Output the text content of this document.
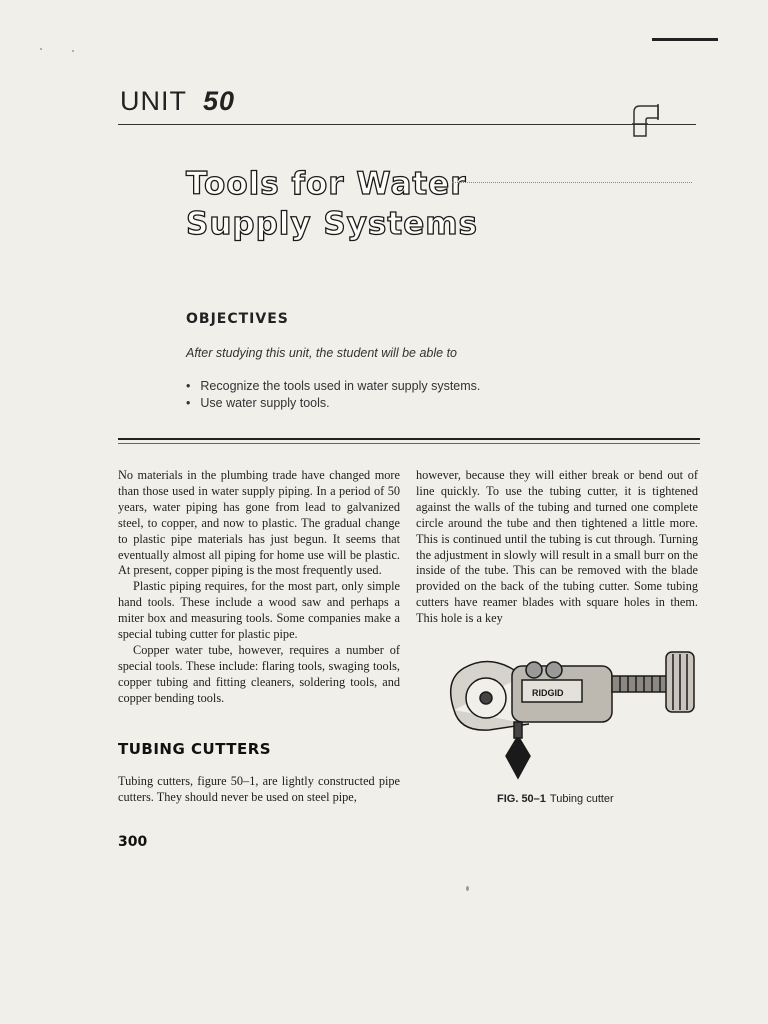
UNIT 50
Tools for Water
Supply Systems
OBJECTIVES
After studying this unit, the student will be able to
• Recognize the tools used in water supply systems.
• Use water supply tools.

No materials in the plumbing trade have changed more than those used in water supply piping. In a period of 50 years, water piping has gone from lead to galvanized steel, to copper, and now to plastic. The gradual change to plastic pipe materials has just begun. It seems that eventually almost all piping for home use will be plastic. At present, copper piping is the most frequently used.

Plastic piping requires, for the most part, only simple hand tools. These include a wood saw and perhaps a miter box and measuring tools. Some companies make a special tubing cutter for plastic pipe.

Copper water tube, however, requires a number of special tools. These include: flaring tools, swaging tools, copper tubing and fitting cleaners, soldering tools, and copper bending tools.

TUBING CUTTERS

Tubing cutters, figure 50–1, are lightly constructed pipe cutters. They should never be used on steel pipe,

however, because they will either break or bend out of line quickly. To use the tubing cutter, it is tightened against the walls of the tubing and turned one complete circle around the tube and then tightened a little more. This is continued until the tubing is cut through. Turning the adjustment in slowly will result in a small burr on the inside of the tube. This can be removed with the blade provided on the back of the tubing cutter. Some tubing cutters have reamer blades with square holes in them. This hole is a key

RIDGID
FIG. 50–1 Tubing cutter
300
